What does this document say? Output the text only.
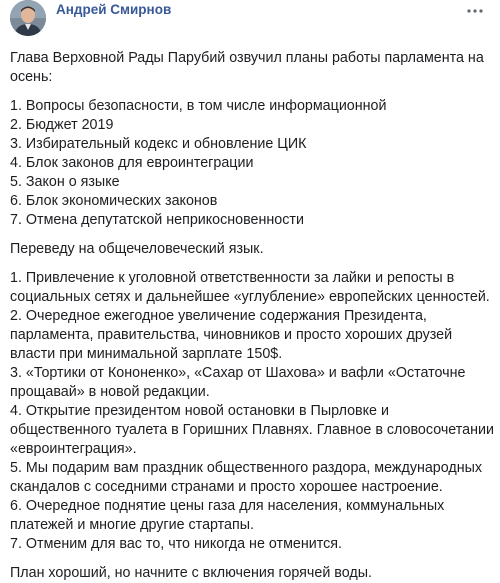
Андрей Смирнов

Глава Верховной Рады Парубий озвучил планы работы парламента на осень:

1. Вопросы безопасности, в том числе информационной
2. Бюджет 2019
3. Избирательный кодекс и обновление ЦИК
4. Блок законов для евроинтеграции
5. Закон о языке
6. Блок экономических законов
7. Отмена депутатской неприкосновенности

Переведу на общечеловеческий язык.

1. Привлечение к уголовной ответственности за лайки и репосты в социальных сетях и дальнейшее «углубление» европейских ценностей.
2. Очередное ежегодное увеличение содержания Президента, парламента, правительства, чиновников и просто хороших друзей власти при минимальной зарплате 150$.
3. «Тортики от Кононенко», «Сахар от Шахова» и вафли «Остаточне прощавай» в новой редакции.
4. Открытие президентом новой остановки в Пырловке и общественного туалета в Горишних Плавнях. Главное в словосочетании «евроинтеграция».
5. Мы подарим вам праздник общественного раздора, международных скандалов с соседними странами и просто хорошее настроение.
6. Очередное поднятие цены газа для населения, коммунальных платежей и многие другие стартапы.
7. Отменим для вас то, что никогда не отменится.

План хороший, но начните с включения горячей воды.
